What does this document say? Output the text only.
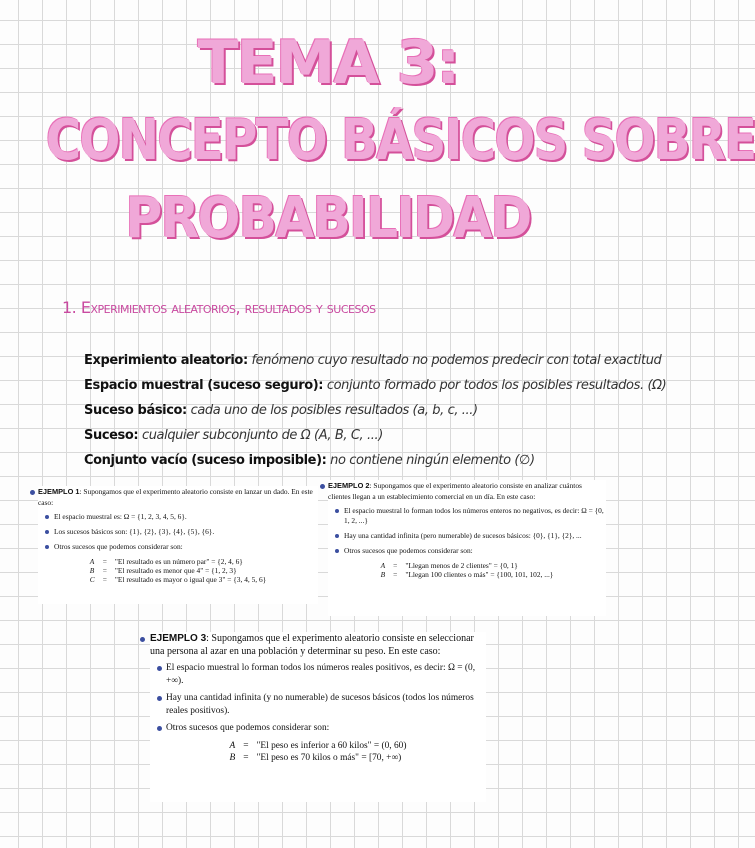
TEMA 3:
CONCEPTO BÁSICOS SOBRE
PROBABILIDAD
1. Experimientos aleatorios, resultados y sucesos
Experimiento aleatorio: fenómeno cuyo resultado no podemos predecir con total exactitud
Espacio muestral (suceso seguro): conjunto formado por todos los posibles resultados. (Ω)
Suceso básico: cada uno de los posibles resultados (a, b, c, ...)
Suceso: cualquier subconjunto de Ω (A, B, C, ...)
Conjunto vacío (suceso imposible): no contiene ningún elemento (∅)
EJEMPLO 1: Supongamos que el experimento aleatorio consiste en lanzar un dado. En este caso:
El espacio muestral es: Ω = {1, 2, 3, 4, 5, 6}.
Los sucesos básicos son: {1}, {2}, {3}, {4}, {5}, {6}.
Otros sucesos que podemos considerar son:
A	=	"El resultado es un número par" = {2, 4, 6}
B	=	"El resultado es menor que 4" = {1, 2, 3}
C	=	"El resultado es mayor o igual que 3" = {3, 4, 5, 6}
EJEMPLO 2: Supongamos que el experimento aleatorio consiste en analizar cuántos clientes llegan a un establecimiento comercial en un día. En este caso:
El espacio muestral lo forman todos los números enteros no negativos, es decir: Ω = {0, 1, 2, ...}
Hay una cantidad infinita (pero numerable) de sucesos básicos: {0}, {1}, {2}, ...
Otros sucesos que podemos considerar son:
A	=	"Llegan menos de 2 clientes" = {0, 1}
B	=	"Llegan 100 clientes o más" = {100, 101, 102, ...}
EJEMPLO 3: Supongamos que el experimento aleatorio consiste en seleccionar una persona al azar en una población y determinar su peso. En este caso:
El espacio muestral lo forman todos los números reales positivos, es decir: Ω = (0, +∞).
Hay una cantidad infinita (y no numerable) de sucesos básicos (todos los números reales positivos).
Otros sucesos que podemos considerar son:
A	=	"El peso es inferior a 60 kilos" = (0, 60)
B	=	"El peso es 70 kilos o más" = [70, +∞)
